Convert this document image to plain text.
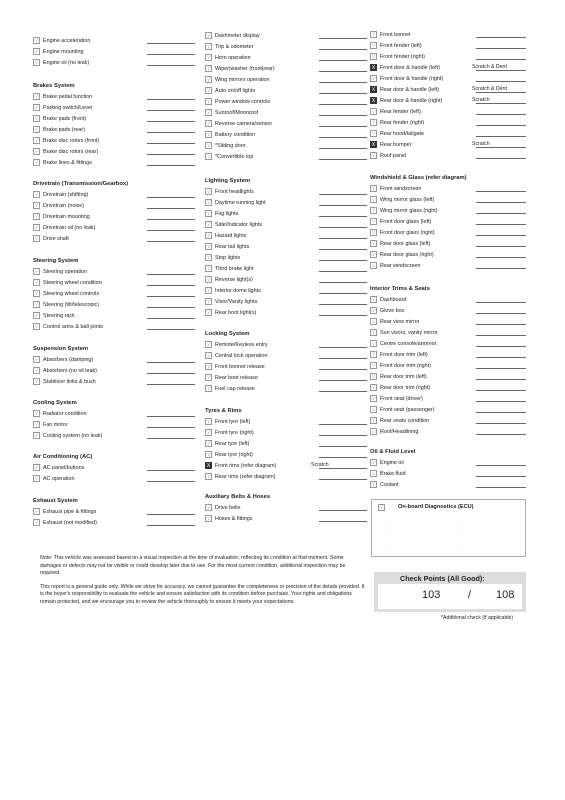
√ Engine acceleration
√ Engine mounting
√ Engine oil (no leak)
Brakes System
√ Brake pedal function
√ Parking switch/Lever
√ Brake pads (front)
√ Brake pads (rear)
√ Brake disc rotors (front)
√ Brake disc rotors (rear)
√ Brake lines & fittings
Drivetrain (Transmission/Gearbox)
√ Drivetrain (shifting)
√ Drivetrain (noise)
√ Drivetrain mounting
√ Drivetrain oil (no leak)
√ Drive shaft
Steering System
√ Steering operation
√ Steering wheel condition
√ Steering wheel controls
√ Steering (tilt/telescopic)
√ Steering rack
√ Control arms & ball joints
Suspension System
√ Absorbers (damping)
√ Absorbers (no oil leak)
√ Stabilizer links & bush
Cooling System
√ Radiator condition
√ Fan motor
√ Cooling system (no leak)
Air Conditioning (AC)
√ AC panel/buttons
√ AC operation
Exhaust System
√ Exhaust pipe & fittings
√ Exhaust (not modified)
√ Dashmeter display
√ Trip & odometer
√ Horn operation
√ Wiper|washer (front|rear)
√ Wing mirrors operation
√ Auto on/off lights
√ Power window controls
√ Sunroof/Moonroof
√ Reverse camera/sensor
√ Battery condition
√ *Sliding door
√ *Convertible top
Lighting System
√ Front headlights
√ Daytime running light
√ Fog lights
√ Side/Indicator lights
√ Hazard lights
√ Rear tail lights
√ Stop lights
√ Third brake light
√ Reverse light(s)
√ Interior dome lights
√ Visor/Vanity lights
√ Rear boot light(s)
Locking System
√ Remote/Keyless entry
√ Central lock operation
√ Front bonnet release
√ Rear boot release
√ Fuel cap release
Tyres & Rims
√ Front tyre (left)
√ Front tyre (right)
√ Rear tyre (left)
√ Rear tyre (right)
X Front rims (refer diagram)	Scratch
√ Rear rims (refer diagram)
Auxiliary Belts & Hoses
√ Drive belts
√ Hoses & fittings
√ Front bonnet
√ Front fender (left)
√ Front fender (right)
X Front door & handle (left)	Scratch & Dent
√ Front door & handle (right)
X Rear door & handle (left)	Scratch & Dent
X Rear door & handle (right)	Scratch
√ Rear fender (left)
√ Rear fender (right)
√ Rear hood/tailgate
X Rear bumper	Scratch
√ Roof panel
Windshield & Glass (refer diagram)
√ Front windscreen
√ Wing mirror glass (left)
√ Wing mirror glass (right)
√ Front door glass (left)
√ Front door glass (right)
√ Rear door glass (left)
√ Rear door glass (right)
√ Rear windscreen
Interior Trims & Seats
√ Dashboard
√ Glove box
√ Rear view mirror
√ Sun visors, vanity mirror
√ Centre console/armrest
√ Front door trim (left)
√ Front door trim (right)
√ Rear door trim (left)
√ Rear door trim (right)
√ Front seat (driver)
√ Front seat (passenger)
√ Rear seats condition
√ Roof/Headlining
Oil & Fluid Level
√ Engine oil
√ Brake fluid
√ Coolant
√	On-board Diagnostics (ECU)
.
.
.
.
.
.

Note: This vehicle was assessed based on a visual inspection at the time of evaluation, reflecting its condition at that moment. Some damages or defects may not be visible or could develop later due to use. For the most current condition, additional inspection may be required.

This report is a general guide only. While we strive for accuracy, we cannot guarantee the completeness or precision of the details provided. It is the buyer's responsibility to evaluate the vehicle and ensure satisfaction with its condition before purchase. Your rights and obligations remain protected, and we encourage you to review the vehicle thoroughly to ensure it meets your expectations.

Check Points (All Good):
103	/ 108
*Additional check (if applicable)
